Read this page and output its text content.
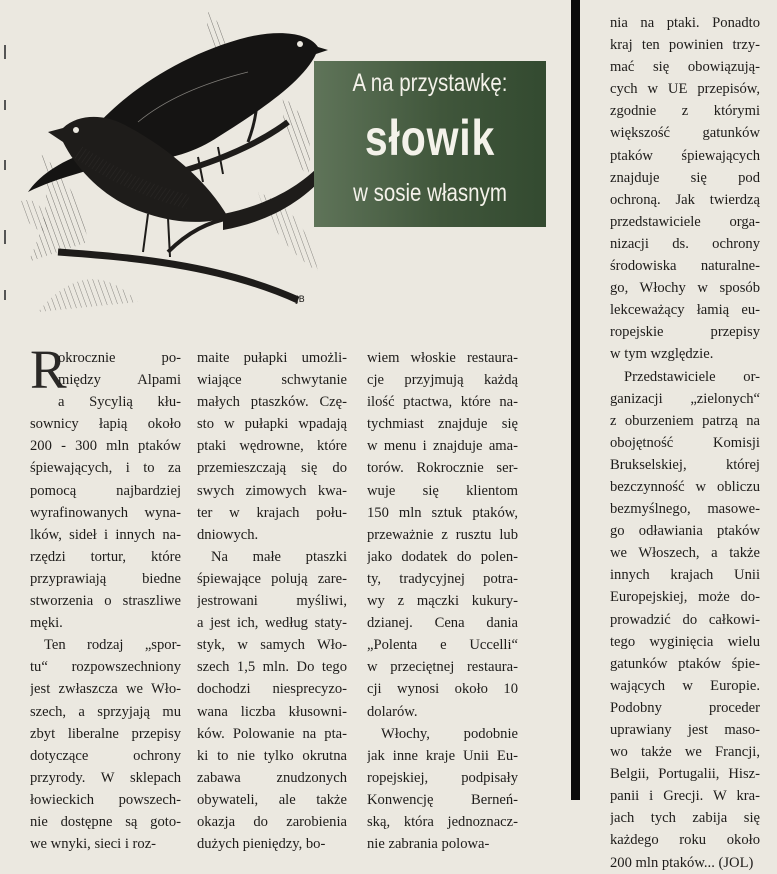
JB
A na przystawkę:
słowik
w sosie własnym
R
okrocznie po-
między Alpami
a Sycylią kłu-
sownicy łapią około
200 - 300 mln ptaków
śpiewających, i to za
pomocą najbardziej
wyrafinowanych wyna-
lków, sideł i innych na-
rzędzi tortur, które
przyprawiają biedne
stworzenia o straszliwe
męki.
Ten rodzaj „spor-
tu“ rozpowszechniony
jest zwłaszcza we Wło-
szech, a sprzyjają mu
zbyt liberalne przepisy
dotyczące ochrony
przyrody. W sklepach
łowieckich powszech-
nie dostępne są goto-
we wnyki, sieci i roz-
maite pułapki umożli-
wiające schwytanie
małych ptaszków. Czę-
sto w pułapki wpadają
ptaki wędrowne, które
przemieszczają się do
swych zimowych kwa-
ter w krajach połu-
dniowych.
Na małe ptaszki
śpiewające polują zare-
jestrowani myśliwi,
a jest ich, według staty-
styk, w samych Wło-
szech 1,5 mln. Do tego
dochodzi niesprecyzo-
wana liczba kłusowni-
ków. Polowanie na pta-
ki to nie tylko okrutna
zabawa znudzonych
obywateli, ale także
okazja do zarobienia
dużych pieniędzy, bo-
wiem włoskie restaura-
cje przyjmują każdą
ilość ptactwa, które na-
tychmiast znajduje się
w menu i znajduje ama-
torów. Rokrocznie ser-
wuje się klientom
150 mln sztuk ptaków,
przeważnie z rusztu lub
jako dodatek do polen-
ty, tradycyjnej potra-
wy z mączki kukury-
dzianej. Cena dania
„Polenta e Uccelli“
w przeciętnej restaura-
cji wynosi około 10
dolarów.
Włochy, podobnie
jak inne kraje Unii Eu-
ropejskiej, podpisały
Konwencję Berneń-
ską, która jednoznacz-
nie zabrania polowa-
nia na ptaki. Ponadto
kraj ten powinien trzy-
mać się obowiązują-
cych w UE przepisów,
zgodnie z którymi
większość gatunków
ptaków śpiewających
znajduje się pod
ochroną. Jak twierdzą
przedstawiciele orga-
nizacji ds. ochrony
środowiska naturalne-
go, Włochy w sposób
lekceważący łamią eu-
ropejskie przepisy
w tym względzie.
Przedstawiciele or-
ganizacji „zielonych“
z oburzeniem patrzą na
obojętność Komisji
Brukselskiej, której
bezczynność w obliczu
bezmyślnego, masowe-
go odławiania ptaków
we Włoszech, a także
innych krajach Unii
Europejskiej, może do-
prowadzić do całkowi-
tego wyginięcia wielu
gatunków ptaków śpie-
wających w Europie.
Podobny proceder
uprawiany jest maso-
wo także we Francji,
Belgii, Portugalii, Hisz-
panii i Grecji. W kra-
jach tych zabija się
każdego roku około
200 mln ptaków... (JOL)
